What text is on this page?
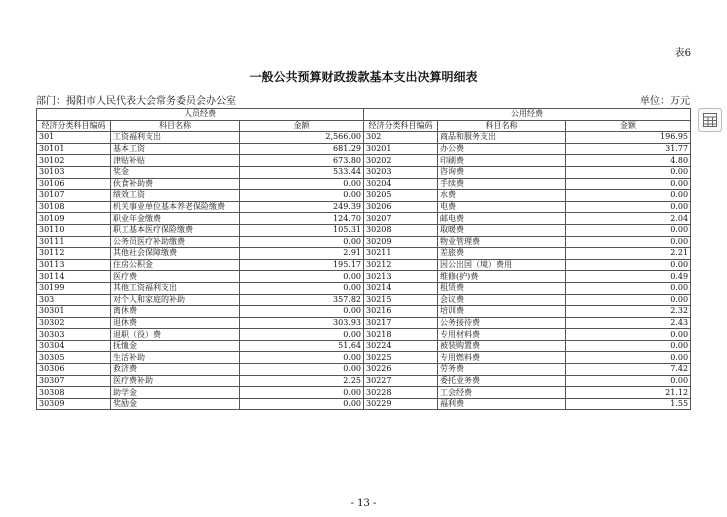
表6
一般公共预算财政拨款基本支出决算明细表
部门：揭阳市人民代表大会常务委员会办公室	单位：万元
人员经费			公用经费		
经济分类科目编码	科目名称	金额	经济分类科目编码	科目名称	金额
301	工资福利支出	2,566.00	302	商品和服务支出	196.95
30101	基本工资	681.29	30201	办公费	31.77
30102	津贴补贴	673.80	30202	印刷费	4.80
30103	奖金	533.44	30203	咨询费	0.00
30106	伙食补助费	0.00	30204	手续费	0.00
30107	绩效工资	0.00	30205	水费	0.00
30108	机关事业单位基本养老保险缴费	249.39	30206	电费	0.00
30109	职业年金缴费	124.70	30207	邮电费	2.04
30110	职工基本医疗保险缴费	105.31	30208	取暖费	0.00
30111	公务员医疗补助缴费	0.00	30209	物业管理费	0.00
30112	其他社会保障缴费	2.91	30211	差旅费	2.21
30113	住房公积金	195.17	30212	因公出国（境）费用	0.00
30114	医疗费	0.00	30213	维修(护)费	0.49
30199	其他工资福利支出	0.00	30214	租赁费	0.00
303	对个人和家庭的补助	357.82	30215	会议费	0.00
30301	离休费	0.00	30216	培训费	2.32
30302	退休费	303.93	30217	公务接待费	2.43
30303	退职（役）费	0.00	30218	专用材料费	0.00
30304	抚恤金	51.64	30224	被装购置费	0.00
30305	生活补助	0.00	30225	专用燃料费	0.00
30306	救济费	0.00	30226	劳务费	7.42
30307	医疗费补助	2.25	30227	委托业务费	0.00
30308	助学金	0.00	30228	工会经费	21.12
30309	奖励金	0.00	30229	福利费	1.55
- 13 -
